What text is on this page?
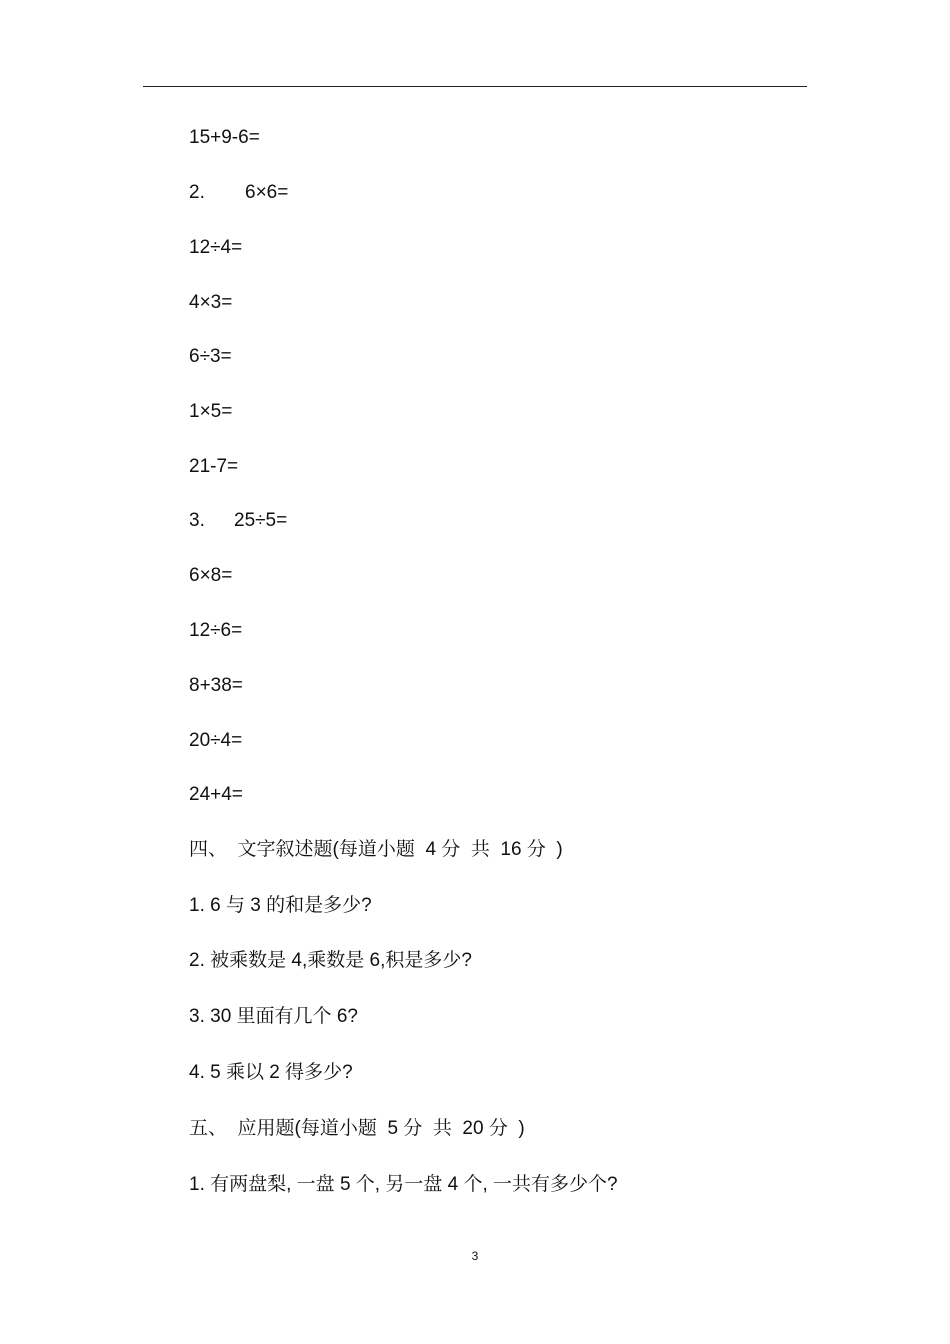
15+9-6=
2. 6×6=
12÷4=
4×3=
6÷3=
1×5=
21-7=
3. 25÷5=
6×8=
12÷6=
8+38=
20÷4=
24+4=
四、  文字叙述题(每道小题  4 分  共  16 分  )
1. 6 与 3 的和是多少?
2. 被乘数是 4,乘数是 6,积是多少?
3. 30 里面有几个 6?
4. 5 乘以 2 得多少?
五、  应用题(每道小题  5 分  共  20 分  )
1. 有两盘梨, 一盘 5 个, 另一盘 4 个, 一共有多少个?
3
